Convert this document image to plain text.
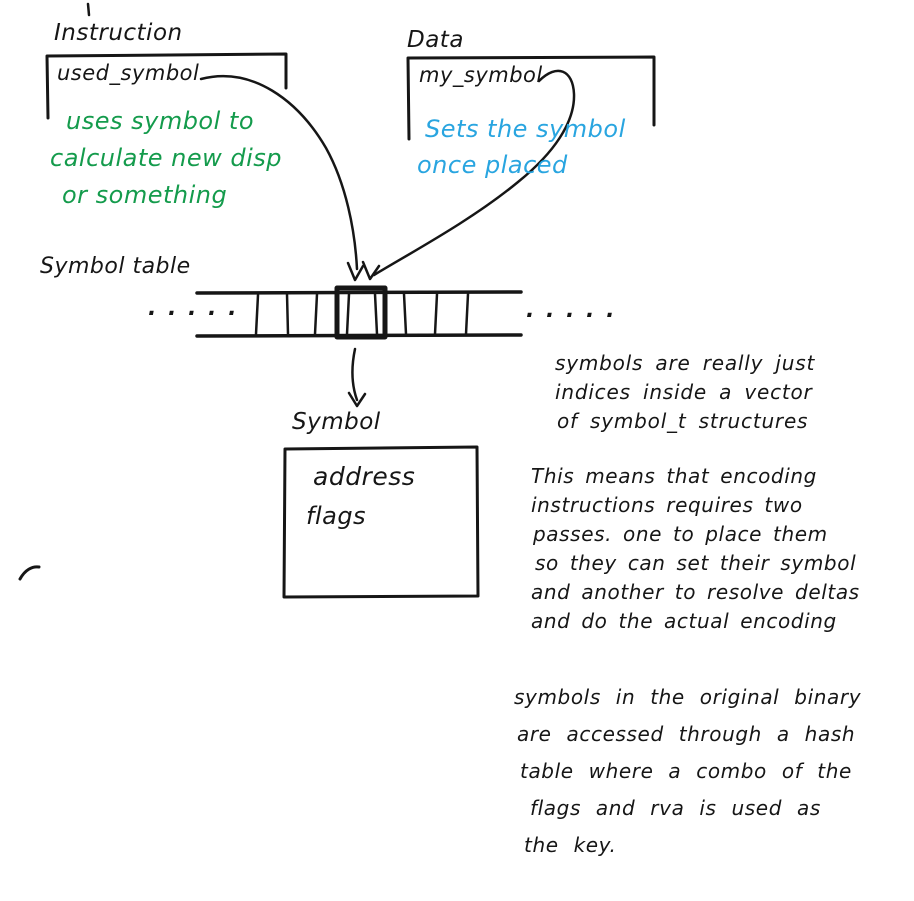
Instruction
used_symbol
uses symbol to
calculate new disp
or something
Data
my_symbol
Sets the symbol
once placed
Symbol table
. . . . .	. . . . .
Symbol
address
flags
symbols are really just
indices inside a vector
of symbol_t structures
This means that encoding
instructions requires two
passes. one to place them
so they can set their symbol
and another to resolve deltas
and do the actual encoding
symbols in the original binary
are accessed through a hash
table where a combo of the
flags and rva is used as
the key.
